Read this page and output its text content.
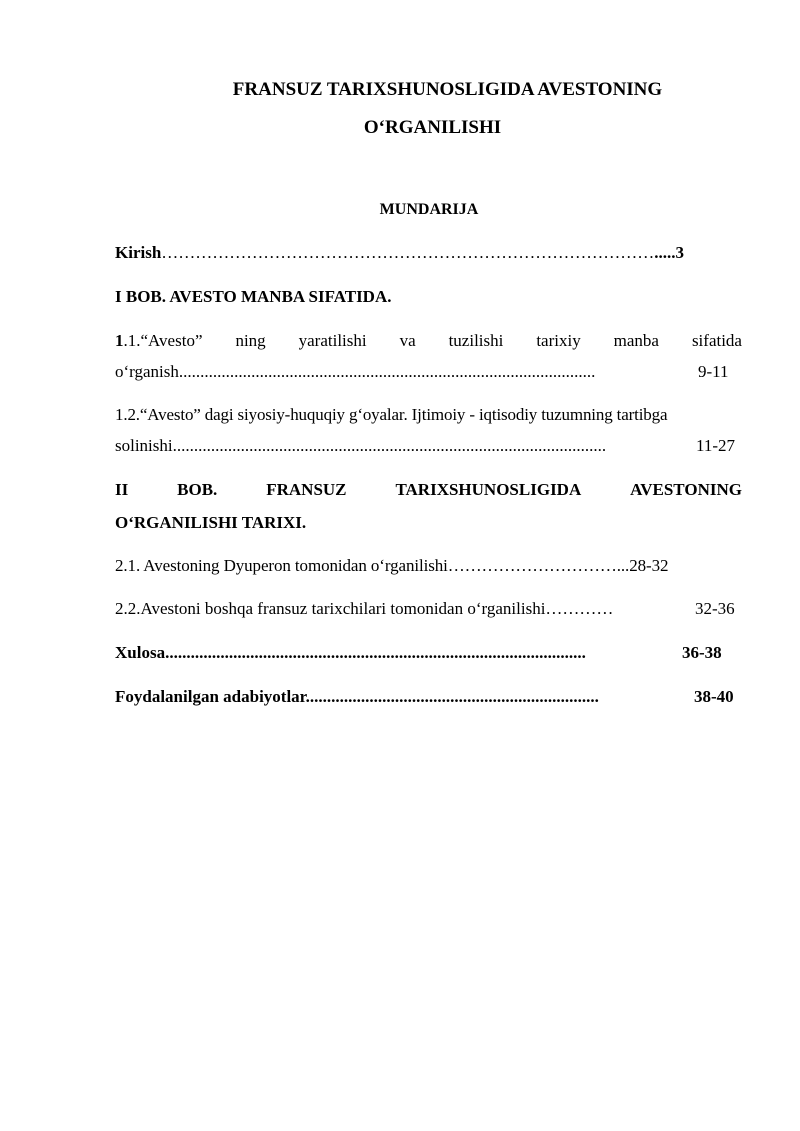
FRANSUZ TARIXSHUNOSLIGIDA AVESTONING
O‘RGANILISHI
MUNDARIJA
Kirish…………………………………………………………………………….....3
I BOB. AVESTO MANBA SIFATIDA.
1.1.“Avesto” ning yaratilishi va tuzilishi tarixiy manba sifatida
o‘rganish..................................................................................................	9-11
1.2.“Avesto” dagi siyosiy-huquqiy g‘oyalar. Ijtimoiy - iqtisodiy tuzumning tartibga
solinishi......................................................................................................	11-27
II	BOB.	FRANSUZ	TARIXSHUNOSLIGIDA	AVESTONING
O‘RGANILISHI TARIXI.
2.1. Avestoning Dyuperon tomonidan o‘rganilishi…………………………...28-32
2.2.Avestoni boshqa fransuz tarixchilari tomonidan o‘rganilishi…………	32-36
Xulosa...................................................................................................	36-38
Foydalanilgan adabiyotlar.....................................................................	38-40
